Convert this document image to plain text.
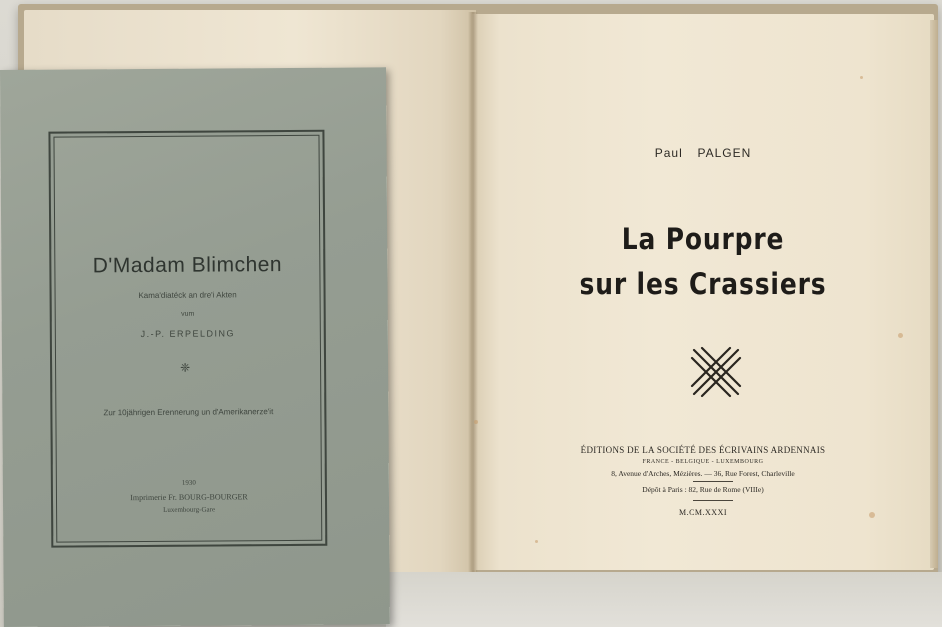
Paul PALGEN
La Pourpre
sur les Crassiers
ÉDITIONS DE LA SOCIÉTÉ DES ÉCRIVAINS ARDENNAIS
FRANCE - BELGIQUE - LUXEMBOURG
8, Avenue d'Arches, Mézières. — 36, Rue Forest, Charleville
Dépôt à Paris : 82, Rue de Rome (VIIIe)
M.CM.XXXI
D'Madam Blimchen
Kama'diatéck an dre'i Akten
vum
J.-P. ERPELDING
❈
Zur 10jährigen Erennerung un d'Amerikanerze'it
1930
Imprimerie Fr. BOURG-BOURGER
Luxembourg-Gare
